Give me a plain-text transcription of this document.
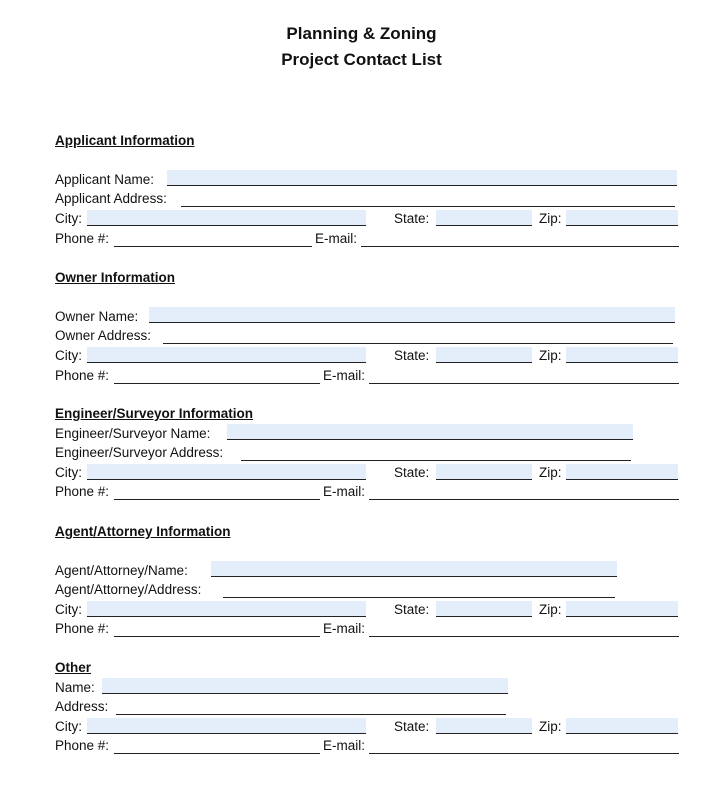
Planning & Zoning
Project Contact List
Applicant Information
Applicant Name:
Applicant Address:
City:	State:	Zip:
Phone #:	E-mail:
Owner Information
Owner Name:
Owner Address:
City:	State:	Zip:
Phone #:	E-mail:
Engineer/Surveyor Information
Engineer/Surveyor Name:
Engineer/Surveyor Address:
City:	State:	Zip:
Phone #:	E-mail:
Agent/Attorney Information
Agent/Attorney/Name:
Agent/Attorney/Address:
City:	State:	Zip:
Phone #:	E-mail:
Other
Name:
Address:
City:	State:	Zip:
Phone #:	E-mail:
